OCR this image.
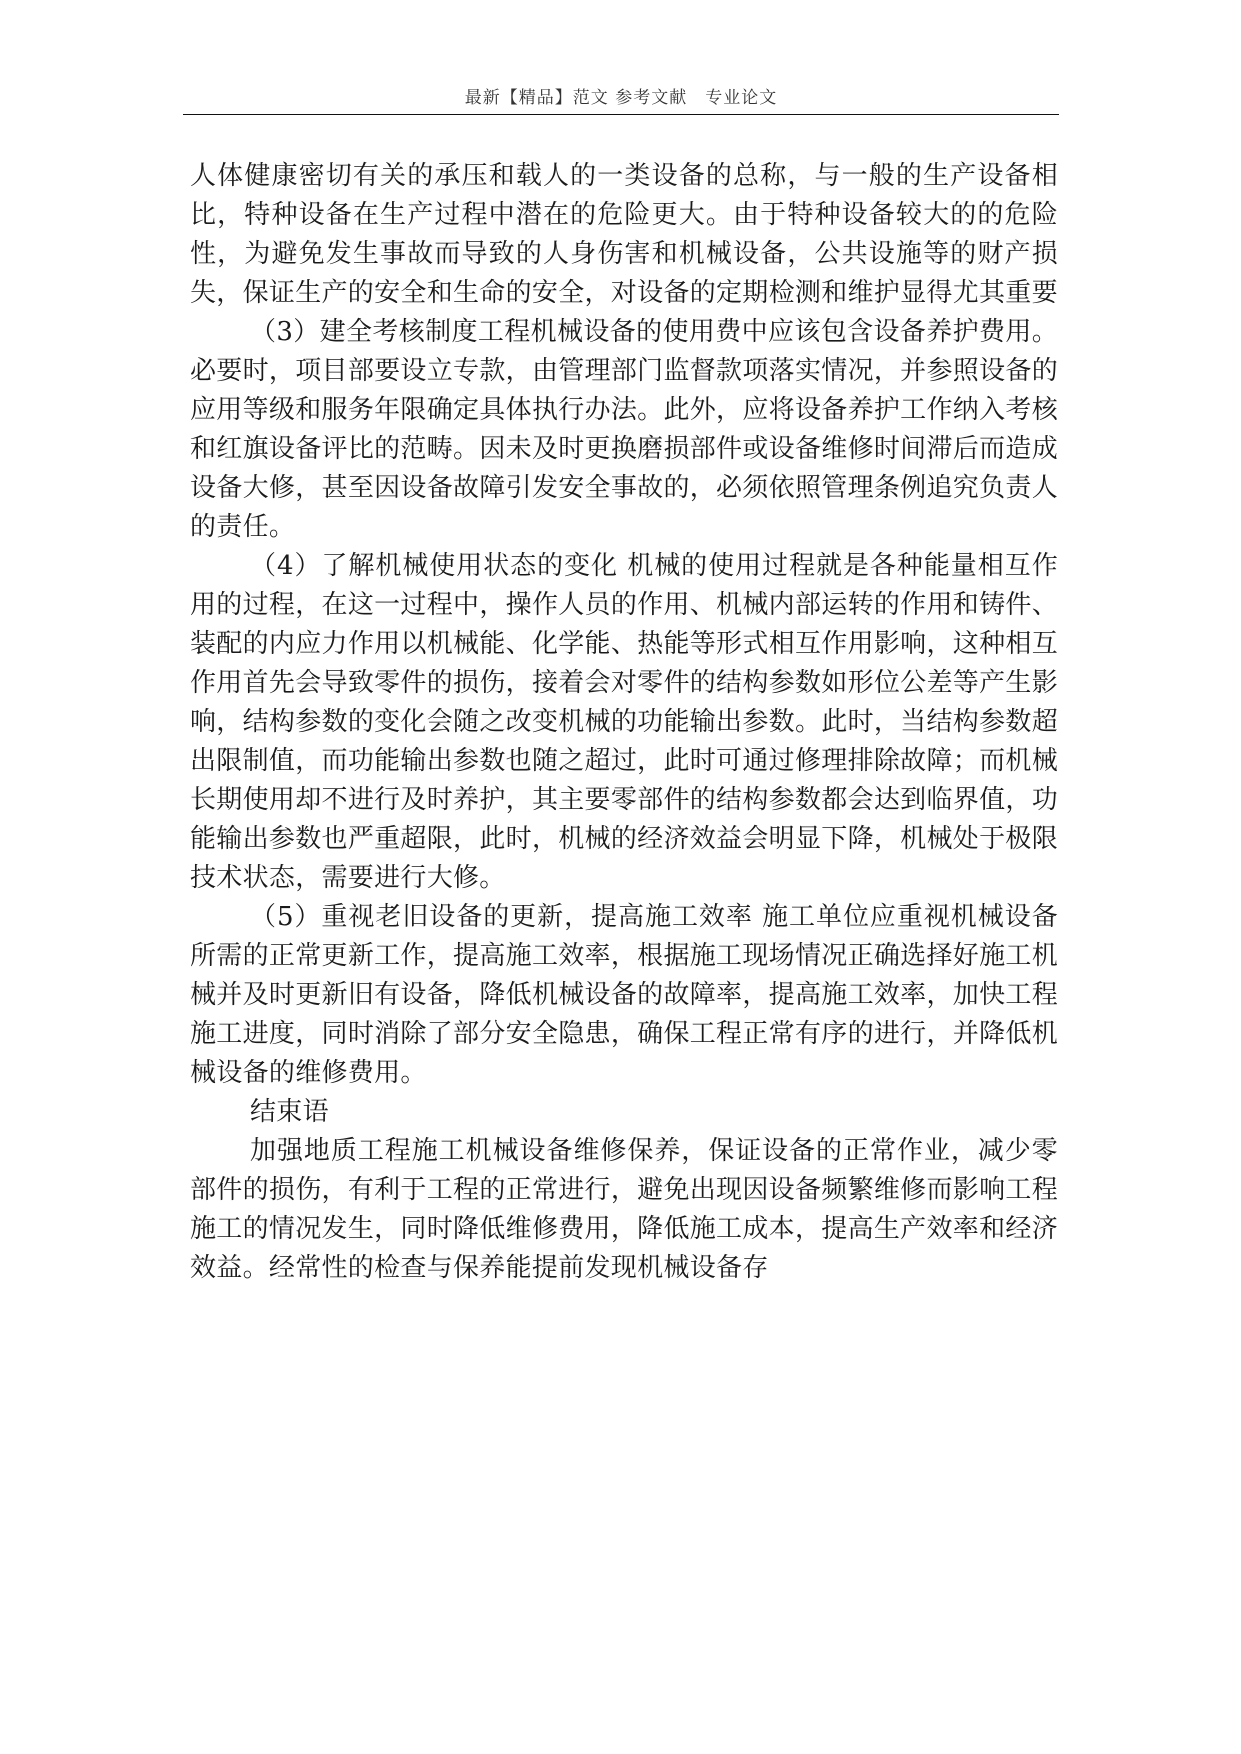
最新【精品】范文 参考文献　专业论文

人体健康密切有关的承压和载人的一类设备的总称，与一般的生产设备相比，特种设备在生产过程中潜在的危险更大。由于特种设备较大的的危险性，为避免发生事故而导致的人身伤害和机械设备，公共设施等的财产损失，保证生产的安全和生命的安全，对设备的定期检测和维护显得尤其重要

（3）建全考核制度工程机械设备的使用费中应该包含设备养护费用。必要时，项目部要设立专款，由管理部门监督款项落实情况，并参照设备的应用等级和服务年限确定具体执行办法。此外，应将设备养护工作纳入考核和红旗设备评比的范畴。因未及时更换磨损部件或设备维修时间滞后而造成设备大修，甚至因设备故障引发安全事故的，必须依照管理条例追究负责人的责任。

（4）了解机械使用状态的变化 机械的使用过程就是各种能量相互作用的过程，在这一过程中，操作人员的作用、机械内部运转的作用和铸件、装配的内应力作用以机械能、化学能、热能等形式相互作用影响，这种相互作用首先会导致零件的损伤，接着会对零件的结构参数如形位公差等产生影响，结构参数的变化会随之改变机械的功能输出参数。此时，当结构参数超出限制值，而功能输出参数也随之超过，此时可通过修理排除故障；而机械长期使用却不进行及时养护，其主要零部件的结构参数都会达到临界值，功能输出参数也严重超限，此时，机械的经济效益会明显下降，机械处于极限技术状态，需要进行大修。

（5）重视老旧设备的更新，提高施工效率 施工单位应重视机械设备所需的正常更新工作，提高施工效率，根据施工现场情况正确选择好施工机械并及时更新旧有设备，降低机械设备的故障率，提高施工效率，加快工程施工进度，同时消除了部分安全隐患，确保工程正常有序的进行，并降低机械设备的维修费用。

结束语

加强地质工程施工机械设备维修保养，保证设备的正常作业，减少零部件的损伤，有利于工程的正常进行，避免出现因设备频繁维修而影响工程施工的情况发生，同时降低维修费用，降低施工成本，提高生产效率和经济效益。经常性的检查与保养能提前发现机械设备存
